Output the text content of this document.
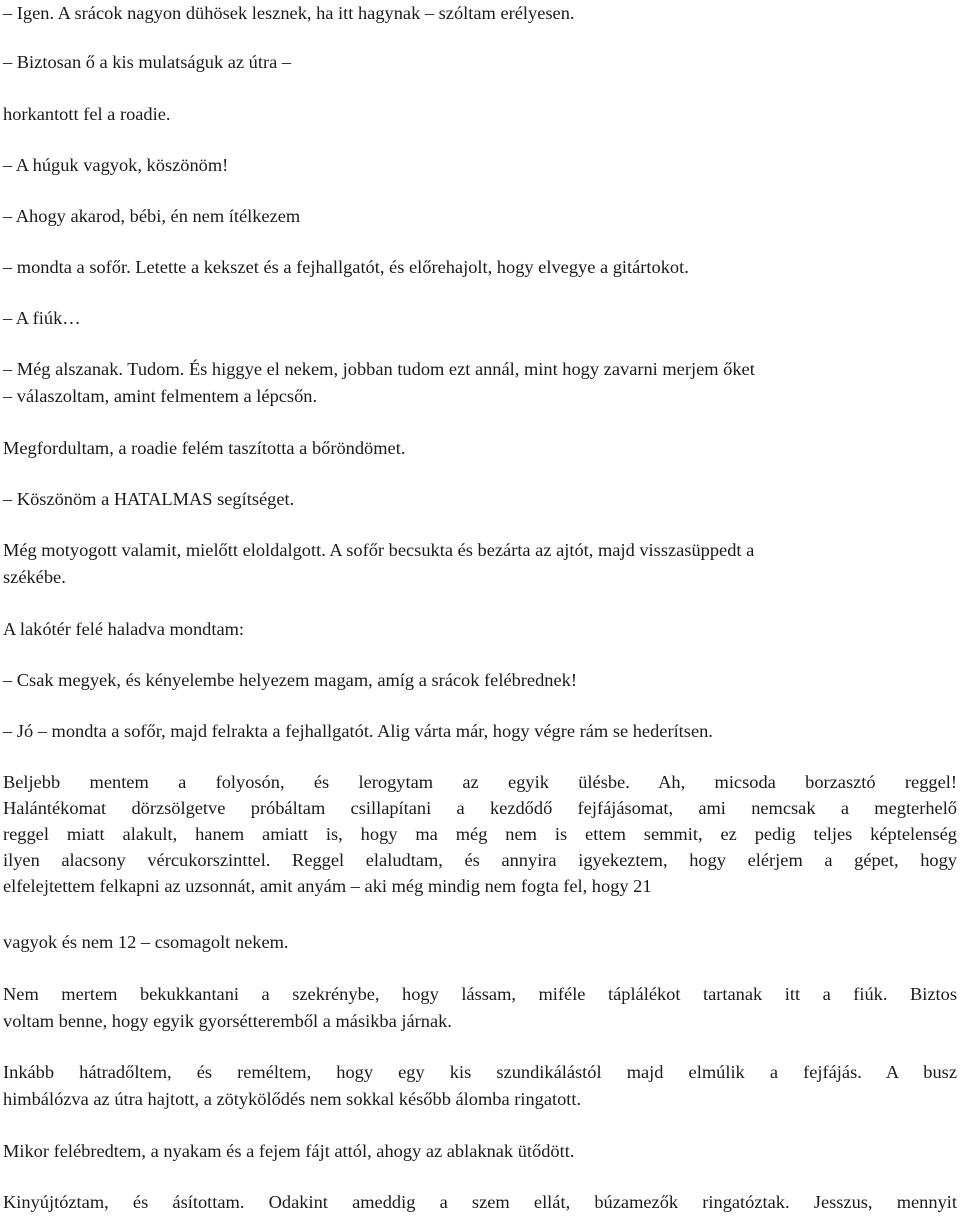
– Igen. A srácok nagyon dühösek lesznek, ha itt hagynak – szóltam erélyesen.

– Biztosan ő a kis mulatságuk az útra –

horkantott fel a roadie.

– A húguk vagyok, köszönöm!

– Ahogy akarod, bébi, én nem ítélkezem

– mondta a sofőr. Letette a kekszet és a fejhallgatót, és előrehajolt, hogy elvegye a gitártokot.

– A fiúk…

– Még alszanak. Tudom. És higgye el nekem, jobban tudom ezt annál, mint hogy zavarni merjem őket

– válaszoltam, amint felmentem a lépcsőn.

Megfordultam, a roadie felém taszította a bőröndömet.

– Köszönöm a HATALMAS segítséget.

Még motyogott valamit, mielőtt eloldalgott. A sofőr becsukta és bezárta az ajtót, majd visszasüppedt a

székébe.

A lakótér felé haladva mondtam:

– Csak megyek, és kényelembe helyezem magam, amíg a srácok felébrednek!

– Jó – mondta a sofőr, majd felrakta a fejhallgatót. Alig várta már, hogy végre rám se hederítsen.

Beljebb mentem a folyosón, és lerogytam az egyik ülésbe. Ah, micsoda borzasztó reggel!

Halántékomat dörzsölgetve próbáltam csillapítani a kezdődő fejfájásomat, ami nemcsak a megterhelő

reggel miatt alakult, hanem amiatt is, hogy ma még nem is ettem semmit, ez pedig teljes képtelenség

ilyen alacsony vércukorszinttel. Reggel elaludtam, és annyira igyekeztem, hogy elérjem a gépet, hogy

elfelejtettem felkapni az uzsonnát, amit anyám – aki még mindig nem fogta fel, hogy 21

vagyok és nem 12 – csomagolt nekem.

Nem mertem bekukkantani a szekrénybe, hogy lássam, miféle táplálékot tartanak itt a fiúk. Biztos

voltam benne, hogy egyik gyorsétteremből a másikba járnak.

Inkább hátradőltem, és reméltem, hogy egy kis szundikálástól majd elmúlik a fejfájás. A busz

himbálózva az útra hajtott, a zötykölődés nem sokkal később álomba ringatott.

Mikor felébredtem, a nyakam és a fejem fájt attól, ahogy az ablaknak ütődött.

Kinyújtóztam, és ásítottam. Odakint ameddig a szem ellát, búzamezők ringatóztak. Jesszus, mennyit
